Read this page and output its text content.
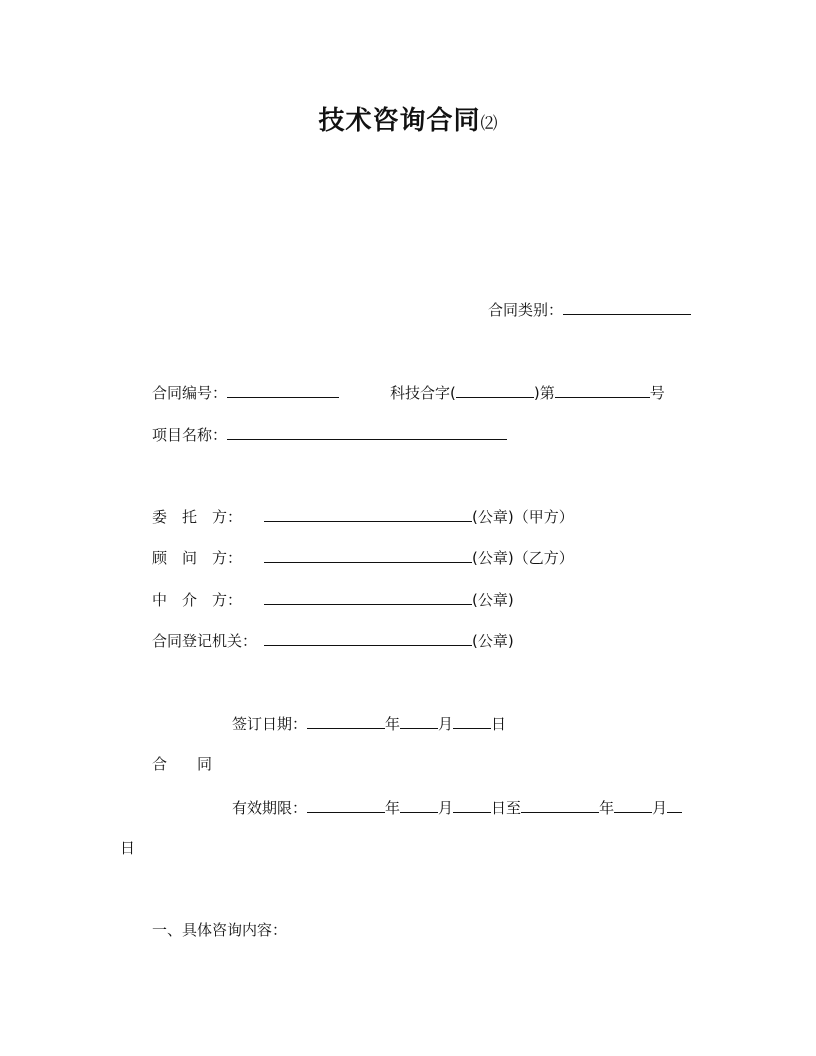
技术咨询合同⑵
合同类别：
合同编号：	科技合字(	)第	号
项目名称：
委　托　方：	(公章)（甲方）
顾　问　方：	(公章)（乙方）
中　介　方：	(公章)
合同登记机关：	(公章)
签订日期：	年	月	日
合　　同
有效期限：	年	月	日至	年	月
日
一、具体咨询内容：
